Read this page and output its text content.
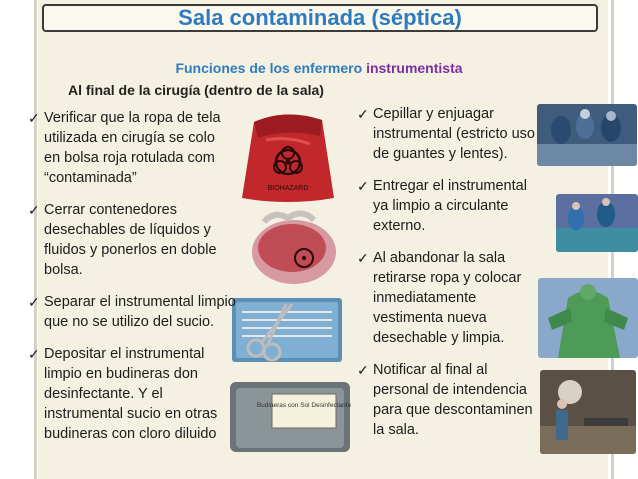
Sala contaminada (séptica)
Funciones de los enfermero instrumentista
Al final de la cirugía (dentro de la sala)
BIOHAZARD
Budineras con Sol Desinfectante
✓ Verificar que la ropa de tela
utilizada en cirugía se colo
en bolsa roja rotulada com
“contaminada”
✓ Cerrar contenedores
desechables de líquidos y
fluidos y ponerlos en doble
bolsa.
✓ Separar el instrumental limpio
que no se utilizo del sucio.
✓ Depositar el instrumental
limpio en budineras don
desinfectante. Y el
instrumental sucio en otras
budineras con cloro diluido
✓ Cepillar y enjuagar
instrumental (estricto uso
de guantes y lentes).
✓ Entregar el instrumental
ya limpio a circulante
externo.
✓ Al abandonar la sala
retirarse ropa y colocar
inmediatamente
vestimenta nueva
desechable y limpia.
✓ Notificar al final al
personal de intendencia
para que descontaminen
la sala.
